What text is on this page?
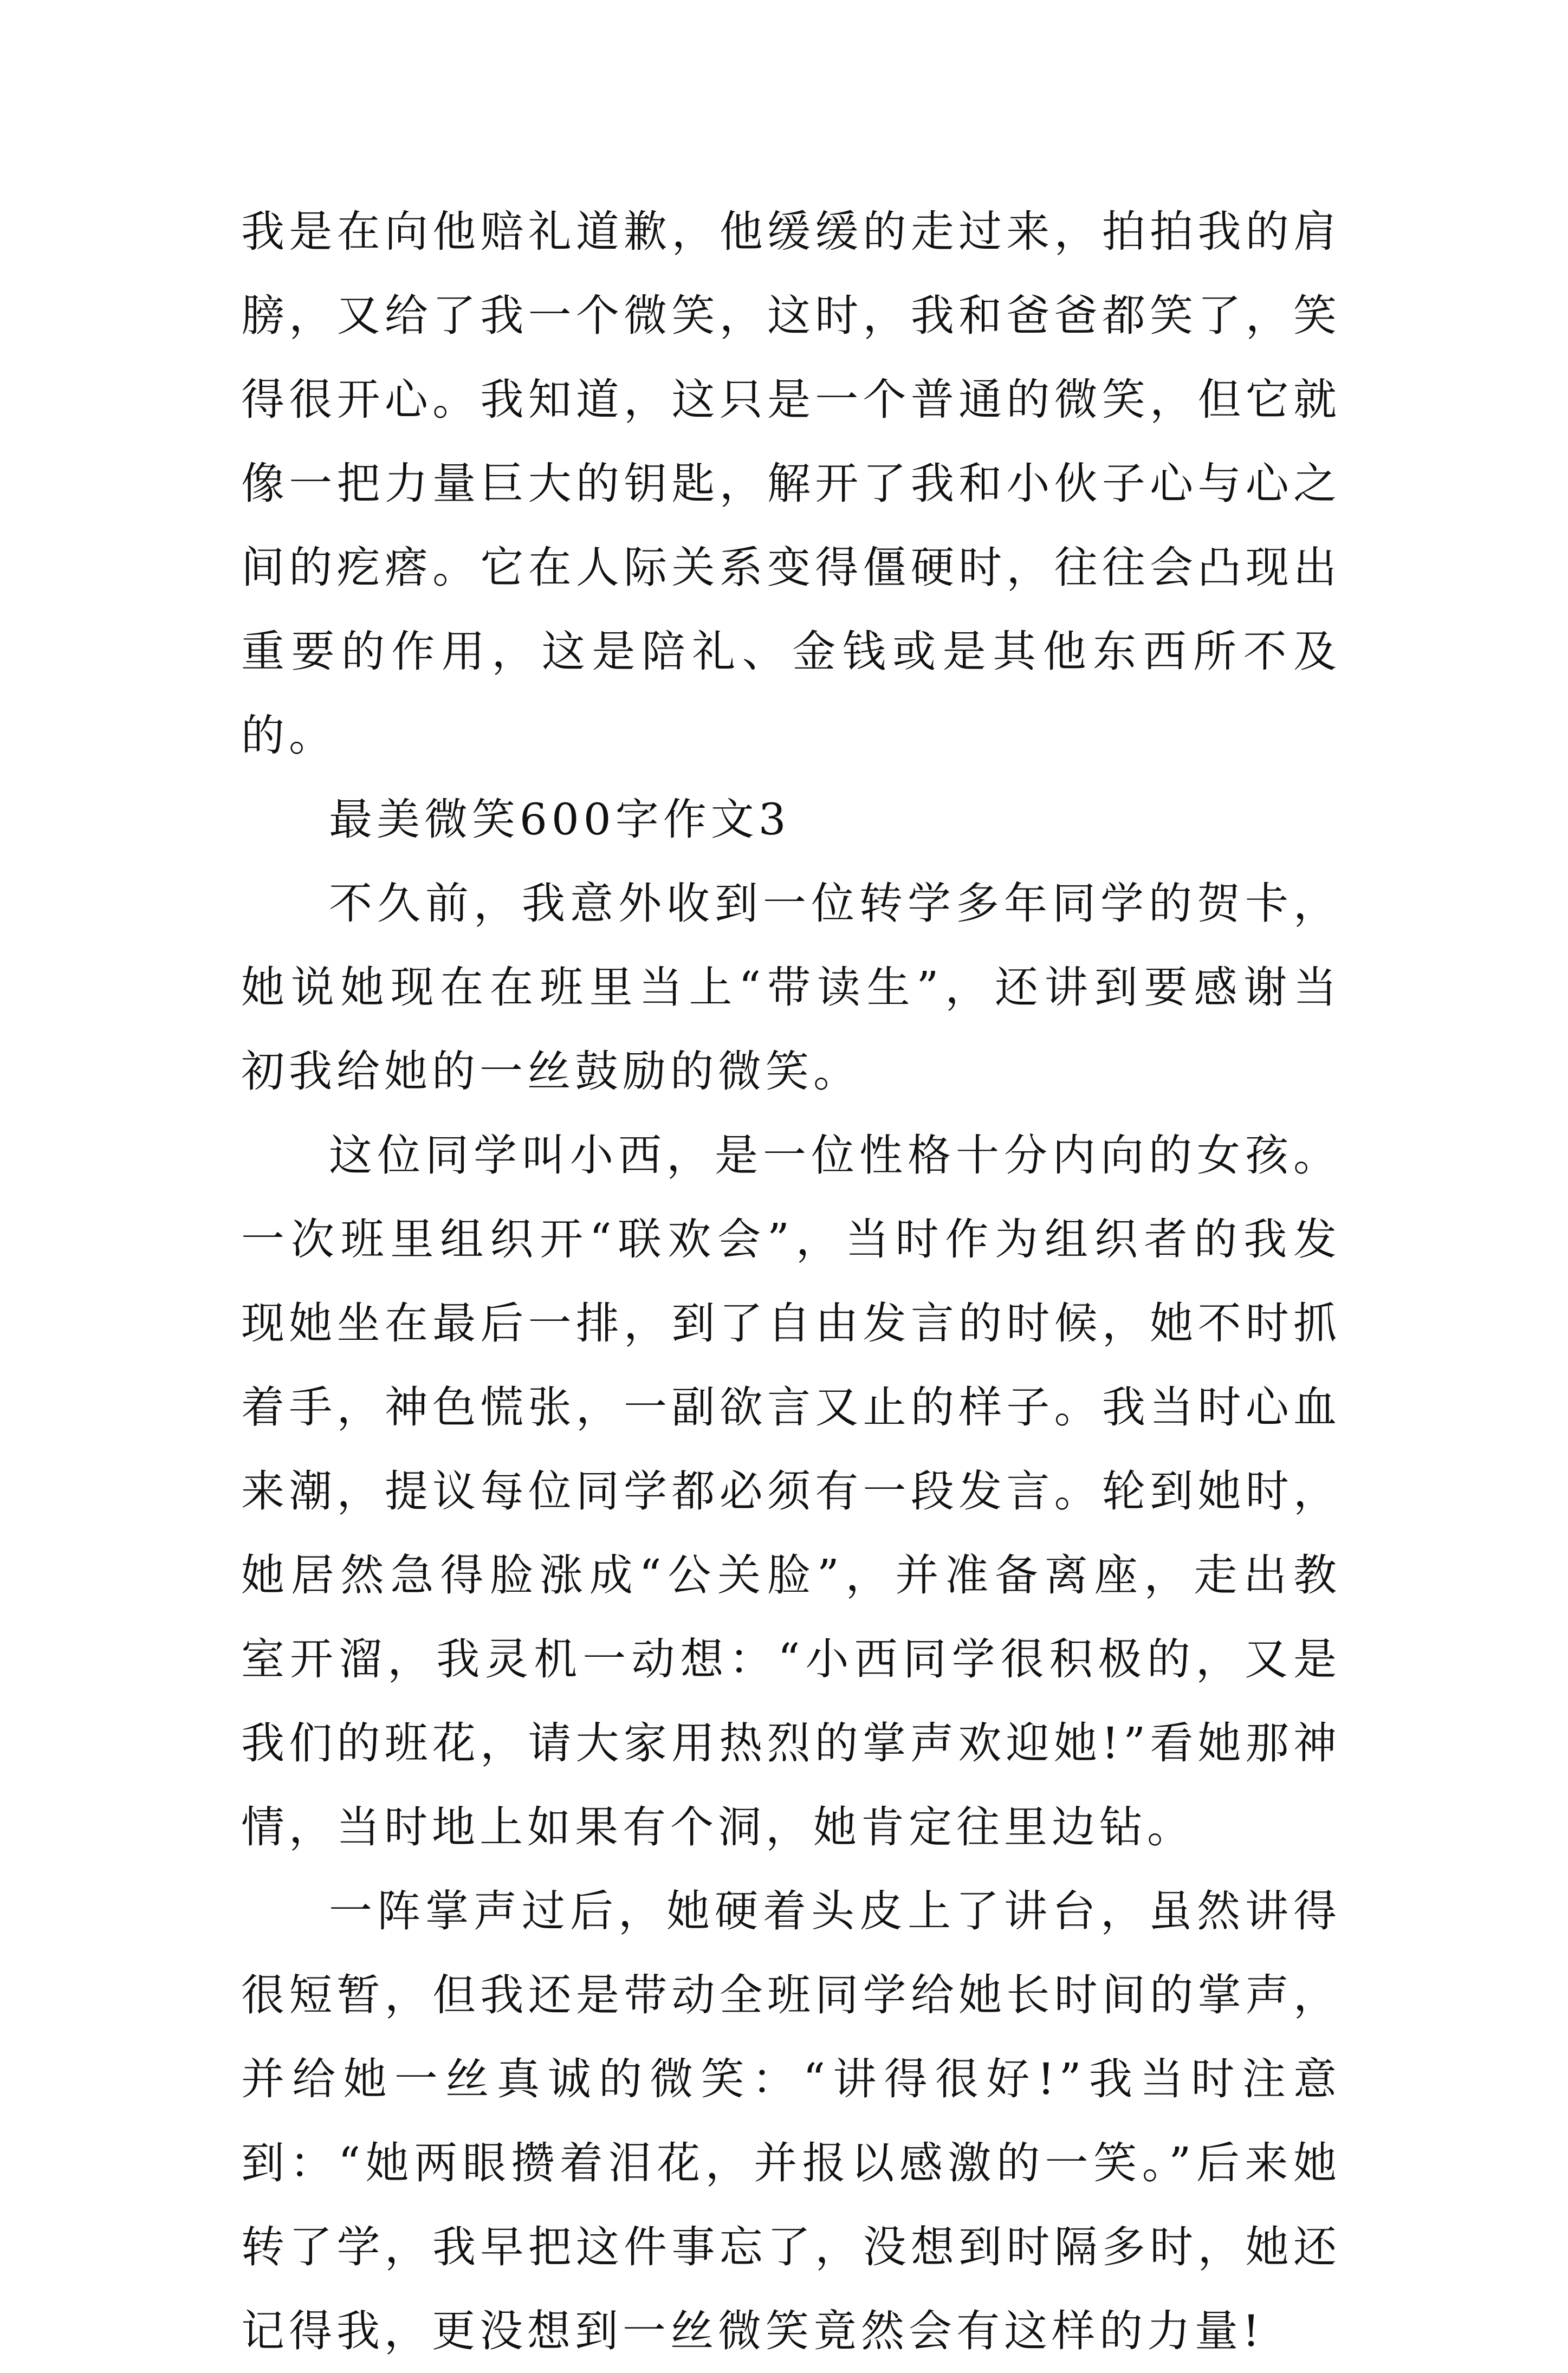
我是在向他赔礼道歉，他缓缓的走过来，拍拍我的肩膀，又给了我一个微笑，这时，我和爸爸都笑了，笑得很开心。我知道，这只是一个普通的微笑，但它就像一把力量巨大的钥匙，解开了我和小伙子心与心之间的疙瘩。它在人际关系变得僵硬时，往往会凸现出重要的作用，这是陪礼、金钱或是其他东西所不及的。

最美微笑600字作文3

不久前，我意外收到一位转学多年同学的贺卡，她说她现在在班里当上“带读生”，还讲到要感谢当初我给她的一丝鼓励的微笑。

这位同学叫小西，是一位性格十分内向的女孩。一次班里组织开“联欢会”，当时作为组织者的我发现她坐在最后一排，到了自由发言的时候，她不时抓着手，神色慌张，一副欲言又止的样子。我当时心血来潮，提议每位同学都必须有一段发言。轮到她时，她居然急得脸涨成“公关脸”，并准备离座，走出教室开溜，我灵机一动想：“小西同学很积极的，又是我们的班花，请大家用热烈的掌声欢迎她!”看她那神情，当时地上如果有个洞，她肯定往里边钻。

一阵掌声过后，她硬着头皮上了讲台，虽然讲得很短暂，但我还是带动全班同学给她长时间的掌声，并给她一丝真诚的微笑：“讲得很好!”我当时注意到：“她两眼攒着泪花，并报以感激的一笑。”后来她转了学，我早把这件事忘了，没想到时隔多时，她还记得我，更没想到一丝微笑竟然会有这样的力量!
